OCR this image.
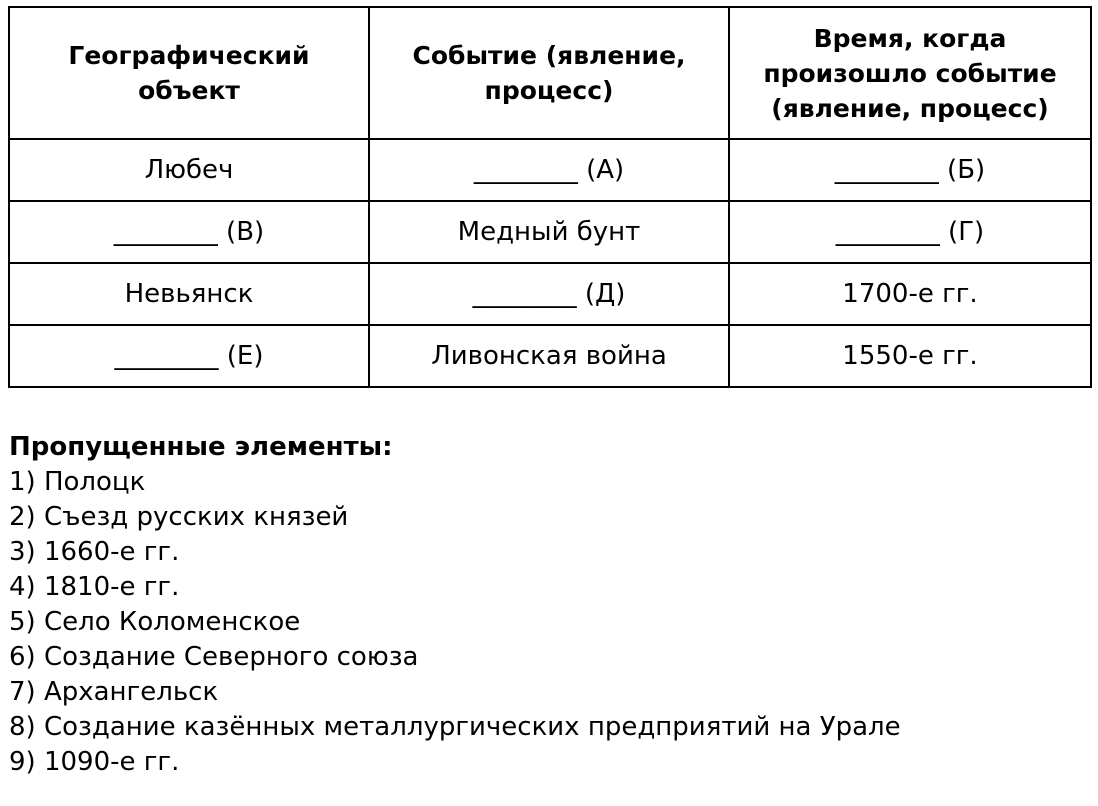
Географический объект	Событие (явление, процесс)	Время, когда произошло событие (явление, процесс)
Любеч	________ (А)	________ (Б)
________ (В)	Медный бунт	________ (Г)
Невьянск	________ (Д)	1700-е гг.
________ (Е)	Ливонская война	1550-е гг.
Пропущенные элементы:
1) Полоцк
2) Съезд русских князей
3) 1660-е гг.
4) 1810-е гг.
5) Село Коломенское
6) Создание Северного союза
7) Архангельск
8) Создание казённых металлургических предприятий на Урале
9) 1090-е гг.
